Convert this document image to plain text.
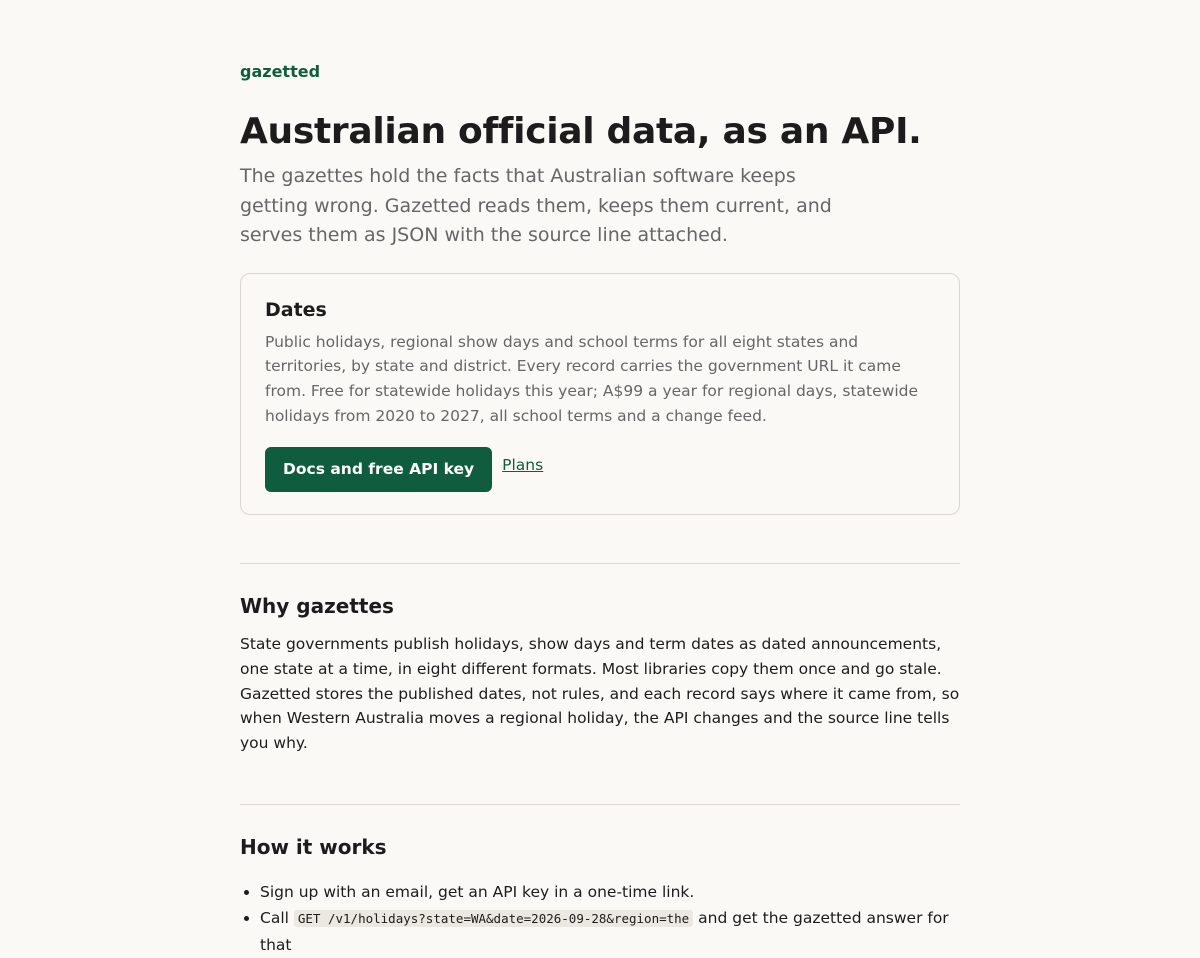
gazetted
Australian official data, as an API.

The gazettes hold the facts that Australian software keeps getting wrong. Gazetted reads them, keeps them current, and serves them as JSON with the source line attached.

Dates

Public holidays, regional show days and school terms for all eight states and territories, by state and district. Every record carries the government URL it came from. Free for statewide holidays this year; A$99 a year for regional days, statewide holidays from 2020 to 2027, all school terms and a change feed.

Docs and free API key	Plans
Why gazettes

State governments publish holidays, show days and term dates as dated announcements, one state at a time, in eight different formats. Most libraries copy them once and go stale. Gazetted stores the published dates, not rules, and each record says where it came from, so when Western Australia moves a regional holiday, the API changes and the source line tells you why.

How it works
• Sign up with an email, get an API key in a one-time link.
• Call GET /v1/holidays?state=WA&date=2026-09-28&region=the and get the gazetted answer for that
